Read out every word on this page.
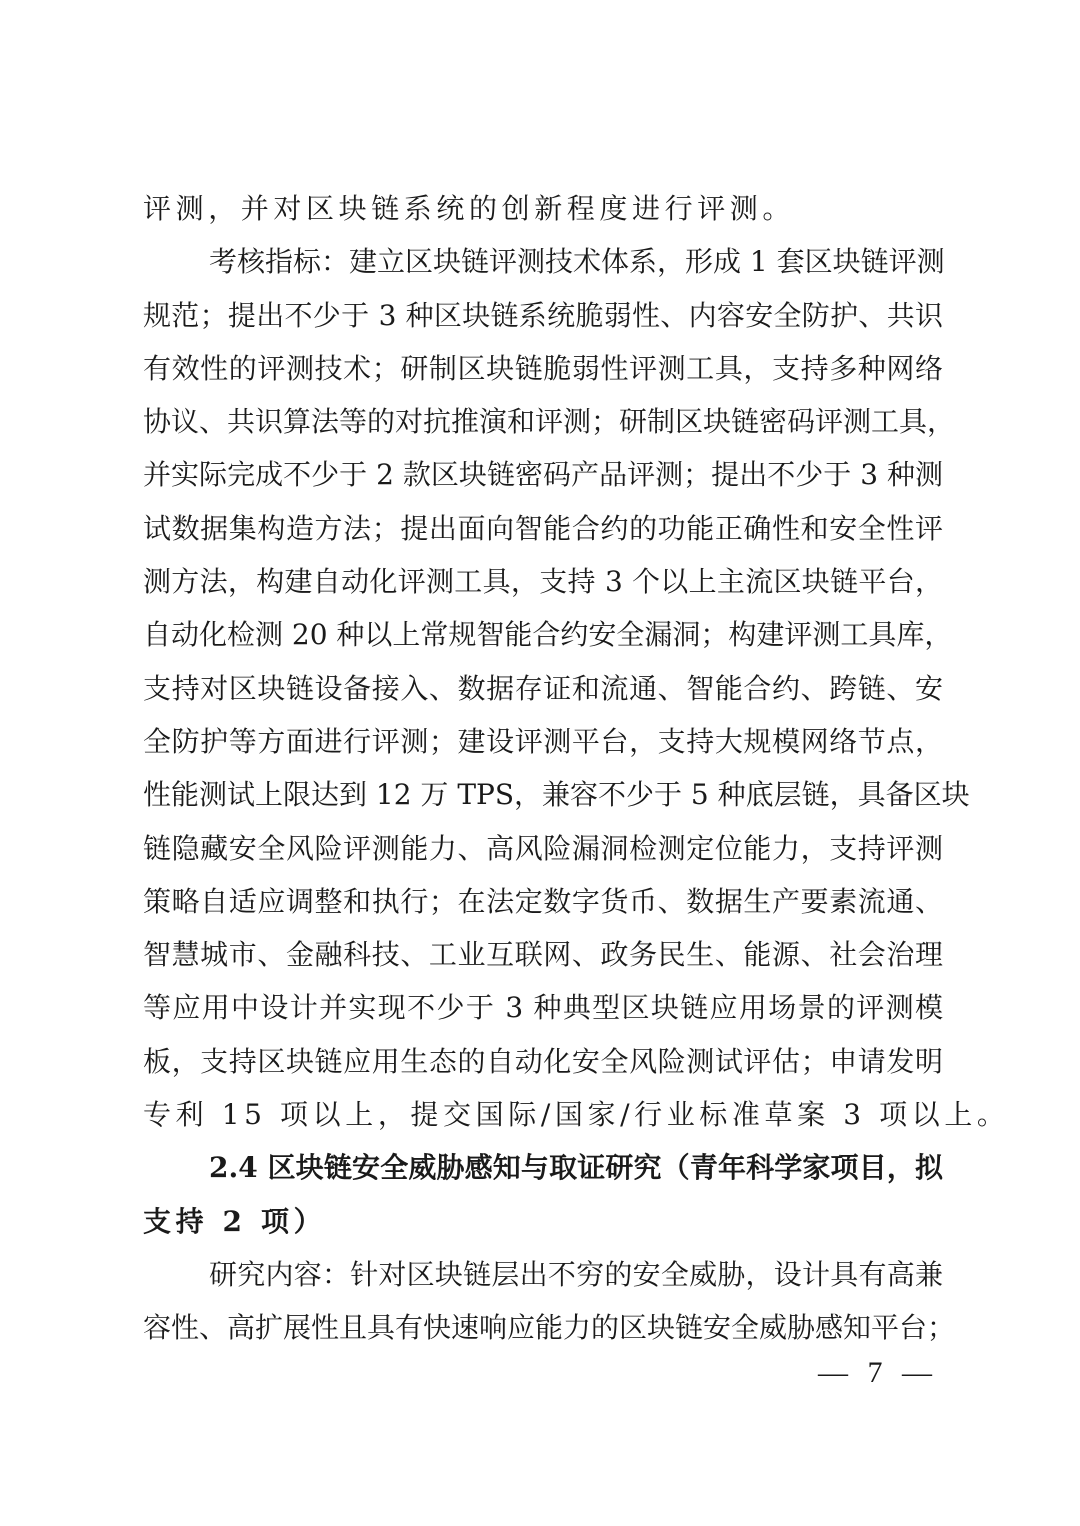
评测，并对区块链系统的创新程度进行评测。
考核指标：建立区块链评测技术体系，形成 1 套区块链评测
规范；提出不少于 3 种区块链系统脆弱性、内容安全防护、共识
有效性的评测技术；研制区块链脆弱性评测工具，支持多种网络
协议、共识算法等的对抗推演和评测；研制区块链密码评测工具，
并实际完成不少于 2 款区块链密码产品评测；提出不少于 3 种测
试数据集构造方法；提出面向智能合约的功能正确性和安全性评
测方法，构建自动化评测工具，支持 3 个以上主流区块链平台，
自动化检测 20 种以上常规智能合约安全漏洞；构建评测工具库，
支持对区块链设备接入、数据存证和流通、智能合约、跨链、安
全防护等方面进行评测；建设评测平台，支持大规模网络节点，
性能测试上限达到 12 万 TPS，兼容不少于 5 种底层链，具备区块
链隐藏安全风险评测能力、高风险漏洞检测定位能力，支持评测
策略自适应调整和执行；在法定数字货币、数据生产要素流通、
智慧城市、金融科技、工业互联网、政务民生、能源、社会治理
等应用中设计并实现不少于 3 种典型区块链应用场景的评测模
板，支持区块链应用生态的自动化安全风险测试评估；申请发明
专利 15 项以上，提交国际/国家/行业标准草案 3 项以上。
2.4 区块链安全威胁感知与取证研究（青年科学家项目，拟
支持 2 项）
研究内容：针对区块链层出不穷的安全威胁，设计具有高兼
容性、高扩展性且具有快速响应能力的区块链安全威胁感知平台；
— 7 —
